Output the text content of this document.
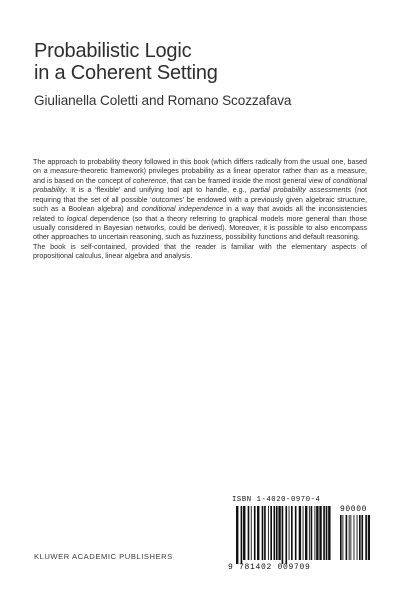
Probabilistic Logic
in a Coherent Setting

Giulianella Coletti and Romano Scozzafava

The approach to probability theory followed in this book (which differs radically from the usual one, based on a measure-theoretic framework) privileges probability as a linear operator rather than as a measure, and is based on the concept of coherence, that can be framed inside the most general view of conditional probability. It is a ‘flexible’ and unifying tool apt to handle, e.g., partial probability assessments (not requiring that the set of all possible ‘outcomes’ be endowed with a previously given algebraic structure, such as a Boolean algebra) and conditional independence in a way that avoids all the inconsistencies related to logical dependence (so that a theory referring to graphical models more general than those usually considered in Bayesian networks, could be derived). Moreover, it is possible to also encompass other approaches to uncertain reasoning, such as fuzziness, possibility functions and default reasoning.

The book is self-contained, provided that the reader is familiar with the elementary aspects of propositional calculus, linear algebra and analysis.

ISBN 1-4020-0970-4
90000
9 781402 009709
KLUWER ACADEMIC PUBLISHERS
